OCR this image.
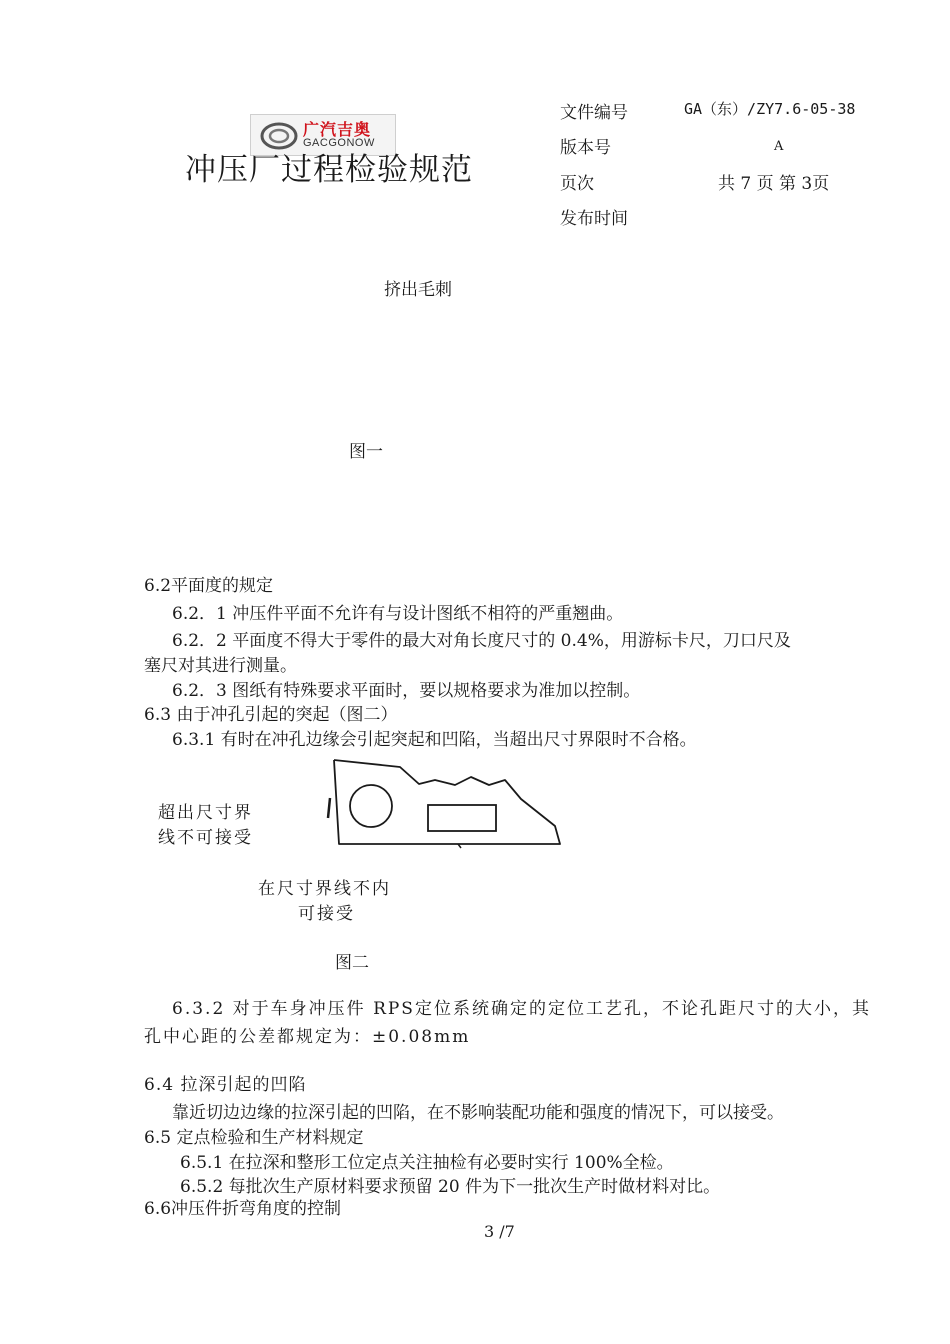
广汽吉奥
GACGONOW
冲压厂过程检验规范
文件编号	GA（东）/ZY7.6-05-38
版本号	A
页次	共 7 页 第 3页
发布时间
挤出毛刺
图一
6.2平面度的规定
6.2．1 冲压件平面不允许有与设计图纸不相符的严重翘曲。
6.2．2 平面度不得大于零件的最大对角长度尺寸的 0.4%，用游标卡尺，刀口尺及
塞尺对其进行测量。
6.2．3 图纸有特殊要求平面时，要以规格要求为准加以控制。
6.3 由于冲孔引起的突起（图二）
6.3.1 有时在冲孔边缘会引起突起和凹陷，当超出尺寸界限时不合格。
超出尺寸界
线不可接受
在尺寸界线不内
可接受
图二
6.3.2 对于车身冲压件 RPS定位系统确定的定位工艺孔，不论孔距尺寸的大小，其
孔中心距的公差都规定为：±0.08mm
6.4 拉深引起的凹陷
靠近切边边缘的拉深引起的凹陷，在不影响装配功能和强度的情况下，可以接受。
6.5 定点检验和生产材料规定
6.5.1 在拉深和整形工位定点关注抽检有必要时实行 100%全检。
6.5.2 每批次生产原材料要求预留 20 件为下一批次生产时做材料对比。
6.6冲压件折弯角度的控制
3 /7
